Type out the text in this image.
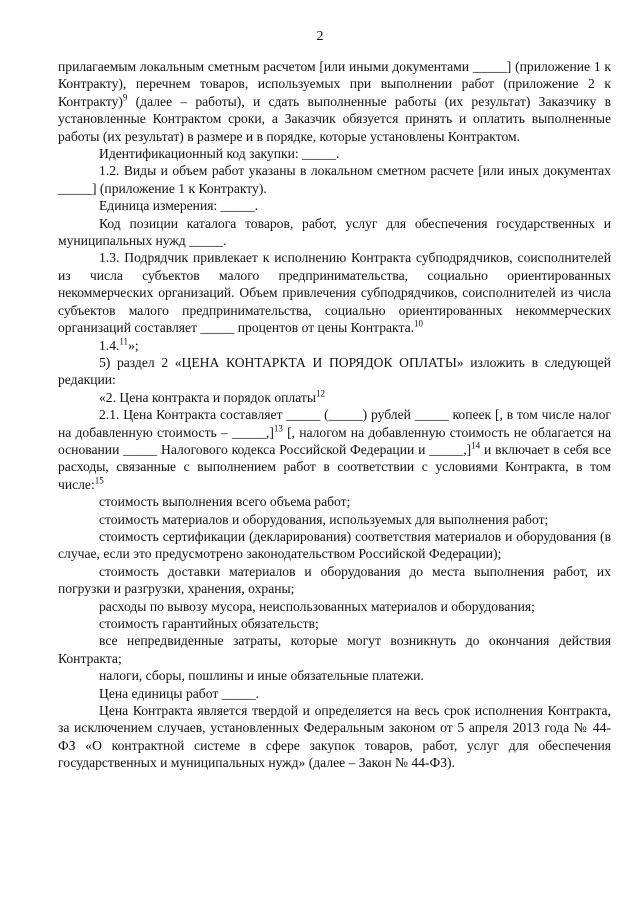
2

прилагаемым локальным сметным расчетом [или иными документами _____] (приложение 1 к Контракту), перечнем товаров, используемых при выполнении работ (приложение 2 к Контракту)$^9$ (далее – работы), и сдать выполненные работы (их результат) Заказчику в установленные Контрактом сроки, а Заказчик обязуется принять и оплатить выполненные работы (их результат) в размере и в порядке, которые установлены Контрактом.

Идентификационный код закупки: _____.

1.2. Виды и объем работ указаны в локальном сметном расчете [или иных документах _____] (приложение 1 к Контракту).

Единица измерения: _____.

Код позиции каталога товаров, работ, услуг для обеспечения государственных и муниципальных нужд _____.

1.3. Подрядчик привлекает к исполнению Контракта субподрядчиков, соисполнителей из числа субъектов малого предпринимательства, социально ориентированных некоммерческих организаций. Объем привлечения субподрядчиков, соисполнителей из числа субъектов малого предпринимательства, социально ориентированных некоммерческих организаций составляет _____ процентов от цены Контракта.$^{10}$

1.4.11»;

5) раздел 2 «ЦЕНА КОНТАРКТА И ПОРЯДОК ОПЛАТЫ» изложить в следующей редакции:

«2. Цена контракта и порядок оплаты$^{12}$

2.1. Цена Контракта составляет _____ (_____) рублей _____ копеек [, в том числе налог на добавленную стоимость – _____,]$^{13}$ [, налогом на добавленную стоимость не облагается на основании _____ Налогового кодекса Российской Федерации и _____,]$^{14}$ и включает в себя все расходы, связанные с выполнением работ в соответствии с условиями Контракта, в том числе:$^{15}$

стоимость выполнения всего объема работ;

стоимость материалов и оборудования, используемых для выполнения работ;

стоимость сертификации (декларирования) соответствия материалов и оборудования (в случае, если это предусмотрено законодательством Российской Федерации);

стоимость доставки материалов и оборудования до места выполнения работ, их погрузки и разгрузки, хранения, охраны;

расходы по вывозу мусора, неиспользованных материалов и оборудования;

стоимость гарантийных обязательств;

все непредвиденные затраты, которые могут возникнуть до окончания действия Контракта;

налоги, сборы, пошлины и иные обязательные платежи.

Цена единицы работ _____.

Цена Контракта является твердой и определяется на весь срок исполнения Контракта, за исключением случаев, установленных Федеральным законом от 5 апреля 2013 года № 44-ФЗ «О контрактной системе в сфере закупок товаров, работ, услуг для обеспечения государственных и муниципальных нужд» (далее – Закон № 44-ФЗ).
